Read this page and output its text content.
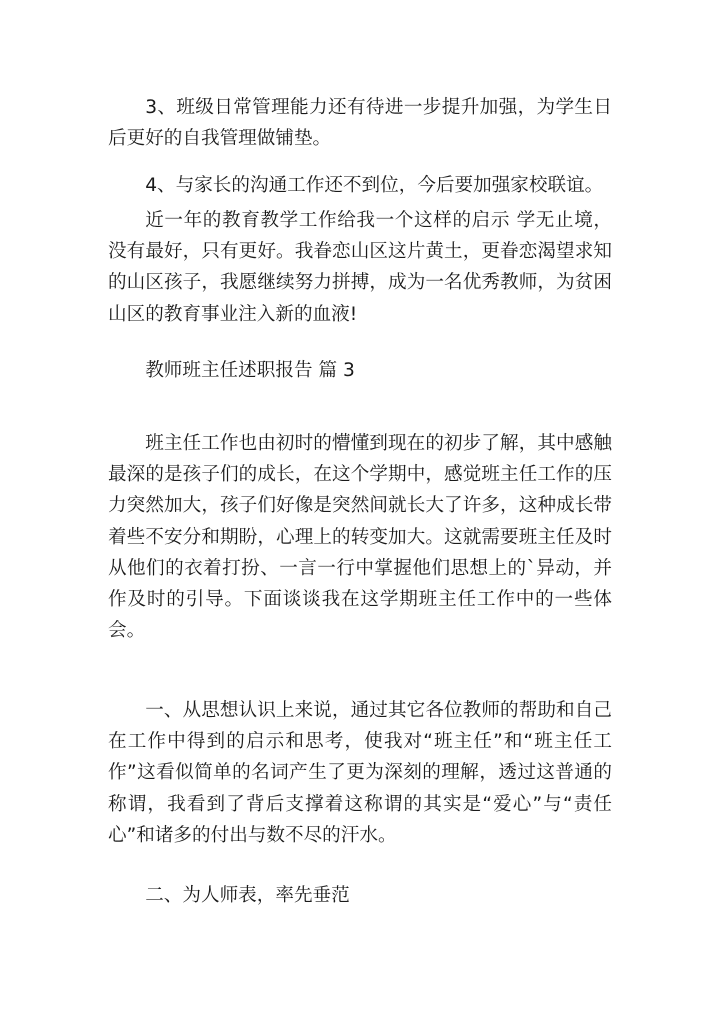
3、班级日常管理能力还有待进一步提升加强，为学生日后更好的自我管理做铺垫。

4、与家长的沟通工作还不到位，今后要加强家校联谊。

近一年的教育教学工作给我一个这样的启示 学无止境，没有最好，只有更好。我眷恋山区这片黄土，更眷恋渴望求知的山区孩子，我愿继续努力拼搏，成为一名优秀教师，为贫困山区的教育事业注入新的血液!

教师班主任述职报告 篇 3

班主任工作也由初时的懵懂到现在的初步了解，其中感触最深的是孩子们的成长，在这个学期中，感觉班主任工作的压力突然加大，孩子们好像是突然间就长大了许多，这种成长带着些不安分和期盼，心理上的转变加大。这就需要班主任及时从他们的衣着打扮、一言一行中掌握他们思想上的`异动，并作及时的引导。下面谈谈我在这学期班主任工作中的一些体会。

一、从思想认识上来说，通过其它各位教师的帮助和自己在工作中得到的启示和思考，使我对“班主任”和“班主任工作”这看似简单的名词产生了更为深刻的理解，透过这普通的称谓，我看到了背后支撑着这称谓的其实是“爱心”与“责任心”和诸多的付出与数不尽的汗水。

二、为人师表，率先垂范
